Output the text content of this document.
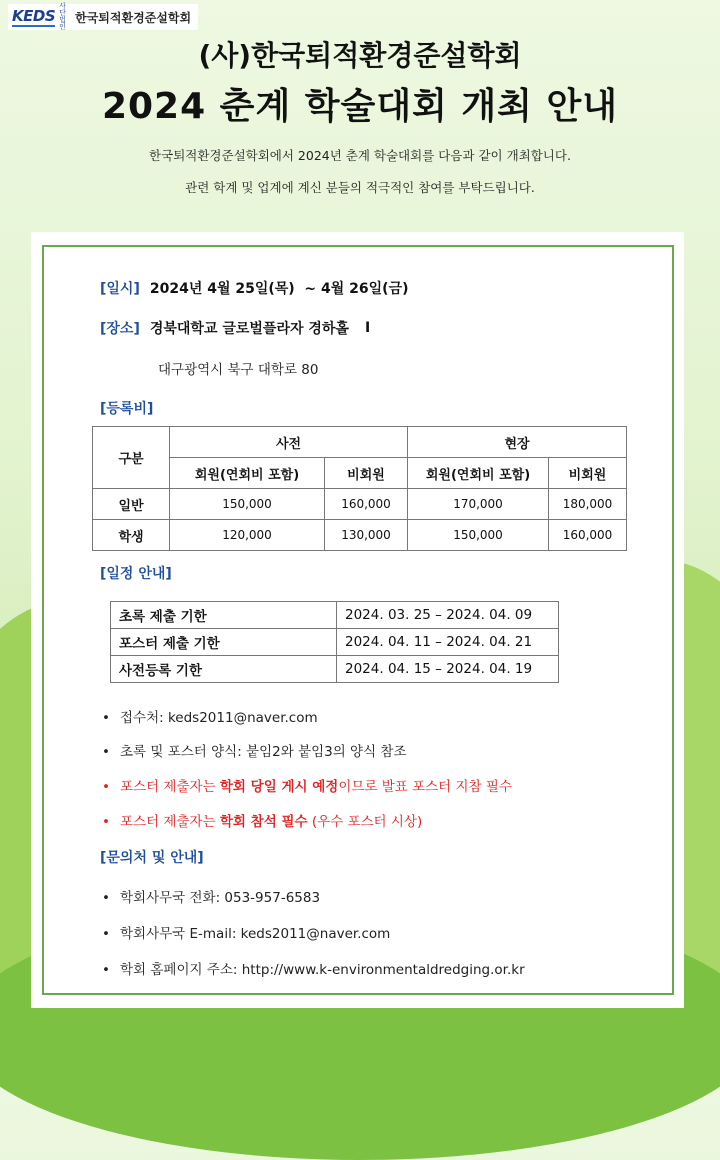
KEDS
사단법인
한국퇴적환경준설학회
(사)한국퇴적환경준설학회
2024 춘계 학술대회 개최 안내
한국퇴적환경준설학회에서 2024년 춘계 학술대회를 다음과 같이 개최합니다.
관련 학계 및 업계에 계신 분들의 적극적인 참여를 부탁드립니다.
[일시] 2024년 4월 25일(목)  ~ 4월 26일(금)
[장소] 경북대학교 글로벌플라자 경하홀 I
대구광역시 북구 대학로 80
[등록비]
구분	사전		현장	
	회원(연회비 포함)	비회원	회원(연회비 포함)	비회원
일반	150,000	160,000	170,000	180,000
학생	120,000	130,000	150,000	160,000
[일정 안내]
초록 제출 기한	2024. 03. 25 – 2024. 04. 09
포스터 제출 기한	2024. 04. 11 – 2024. 04. 21
사전등록 기한	2024. 04. 15 – 2024. 04. 19
• 접수처: keds2011@naver.com
• 초록 및 포스터 양식: 붙임2와 붙임3의 양식 참조
• 포스터 제출자는 학회 당일 게시 예정이므로 발표 포스터 지참 필수
• 포스터 제출자는 학회 참석 필수 (우수 포스터 시상)
[문의처 및 안내]
• 학회사무국 전화: 053-957-6583
• 학회사무국 E-mail: keds2011@naver.com
• 학회 홈페이지 주소: http://www.k-environmentaldredging.or.kr
